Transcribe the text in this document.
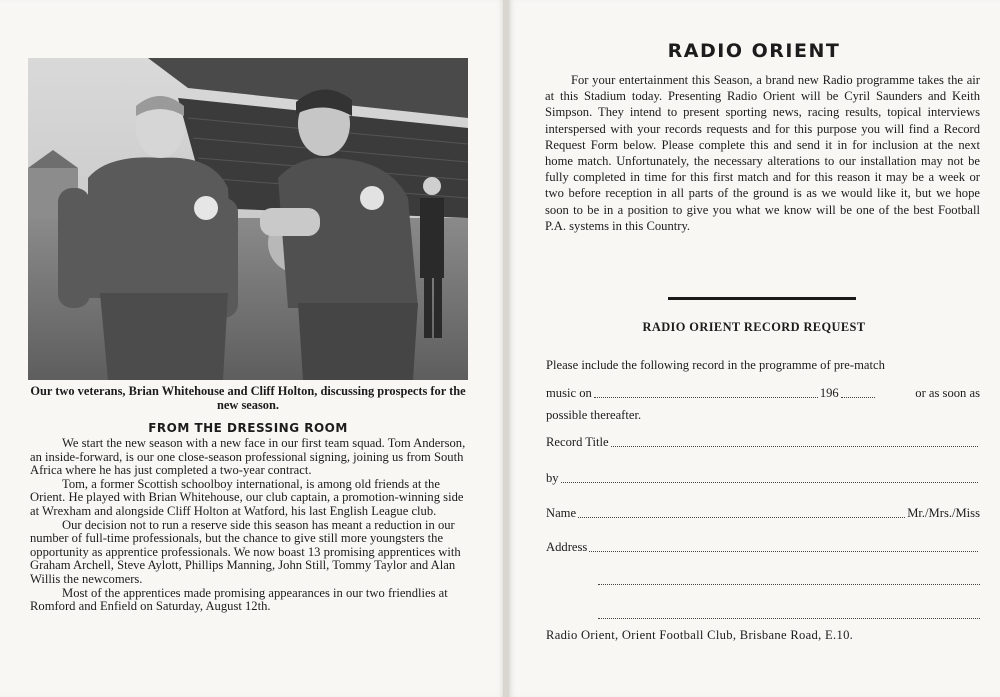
Our two veterans, Brian Whitehouse and Cliff Holton, discussing prospects for the new season.
FROM THE DRESSING ROOM

We start the new season with a new face in our first team squad. Tom Anderson, an inside-forward, is our one close-season professional signing, joining us from South Africa where he has just completed a two-year contract.

Tom, a former Scottish schoolboy international, is among old friends at the Orient. He played with Brian Whitehouse, our club captain, a promotion-winning side at Wrexham and alongside Cliff Holton at Watford, his last English League club.

Our decision not to run a reserve side this season has meant a reduction in our number of full-time professionals, but the chance to give still more youngsters the opportunity as apprentice professionals. We now boast 13 promising apprentices with Graham Archell, Steve Aylott, Phillips Manning, John Still, Tommy Taylor and Alan Willis the newcomers.

Most of the apprentices made promising appearances in our two friendlies at Romford and Enfield on Saturday, August 12th.

RADIO ORIENT

For your entertainment this Season, a brand new Radio programme takes the air at this Stadium today. Presenting Radio Orient will be Cyril Saunders and Keith Simpson. They intend to present sporting news, racing results, topical interviews interspersed with your records requests and for this purpose you will find a Record Request Form below. Please complete this and send it in for inclusion at the next home match. Unfortunately, the necessary alterations to our installation may not be fully completed in time for this first match and for this reason it may be a week or two before reception in all parts of the ground is as we would like it, but we hope soon to be in a position to give you what we know will be one of the best Football P.A. systems in this Country.

RADIO ORIENT RECORD REQUEST
Please include the following record in the programme of pre-match
music on	196	or as soon as
possible thereafter.
Record Title
by
Name	Mr./Mrs./Miss
Address
Radio Orient, Orient Football Club, Brisbane Road, E.10.
